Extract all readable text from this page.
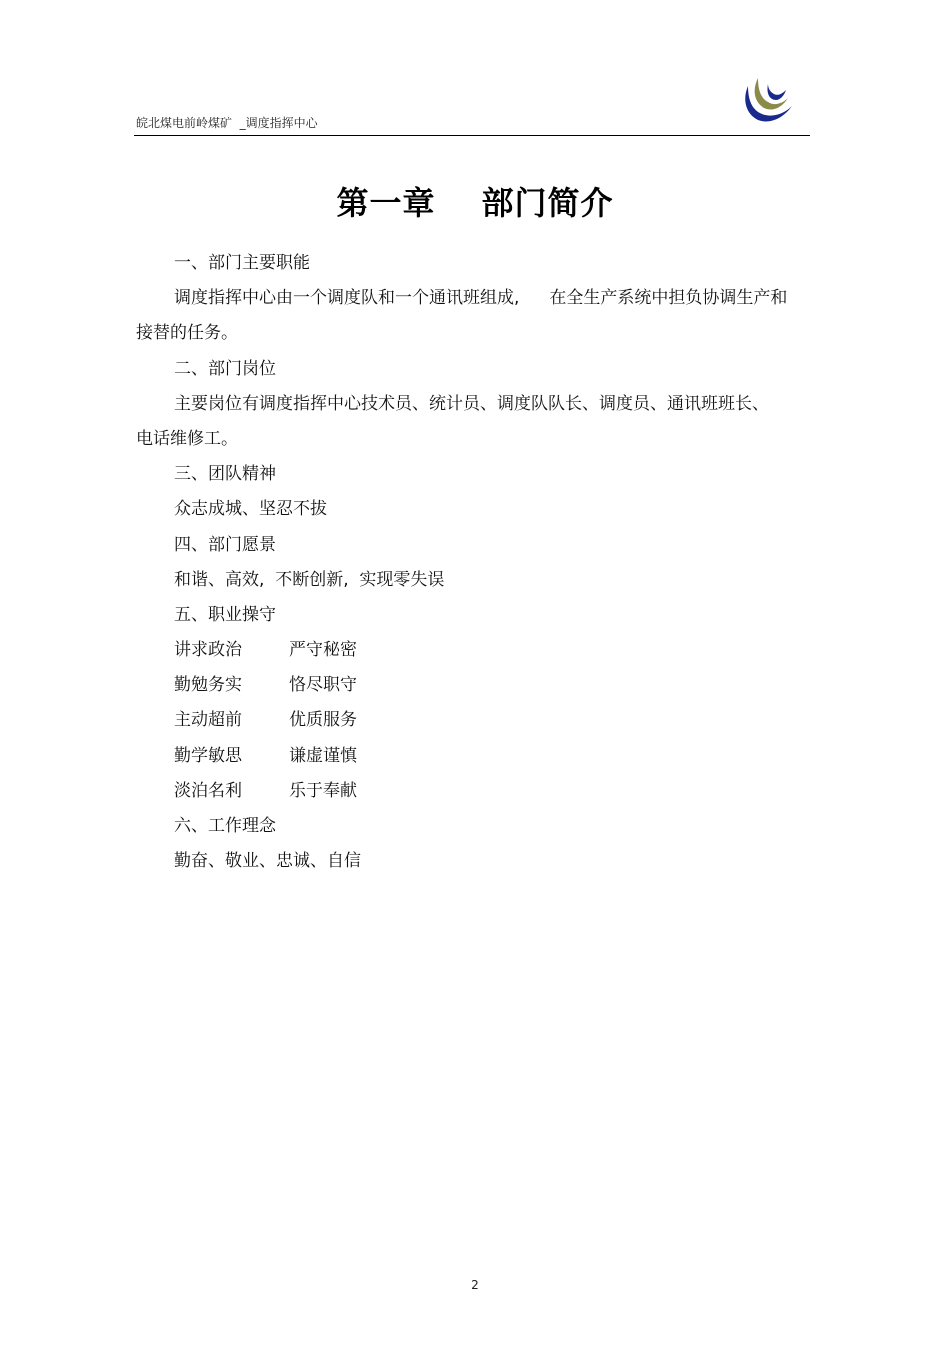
皖北煤电前岭煤矿 _调度指挥中心
第一章 部门简介
一、部门主要职能
调度指挥中心由一个调度队和一个通讯班组成, 在全生产系统中担负协调生产和
接替的任务。
二、部门岗位
主要岗位有调度指挥中心技术员、统计员、调度队队长、调度员、通讯班班长、
电话维修工。
三、团队精神
众志成城、坚忍不拔
四、部门愿景
和谐、高效,  不断创新,  实现零失误
五、职业操守
讲求政治	严守秘密
勤勉务实	恪尽职守
主动超前	优质服务
勤学敏思	谦虚谨慎
淡泊名利	乐于奉献
六、工作理念
勤奋、敬业、忠诚、自信
2
